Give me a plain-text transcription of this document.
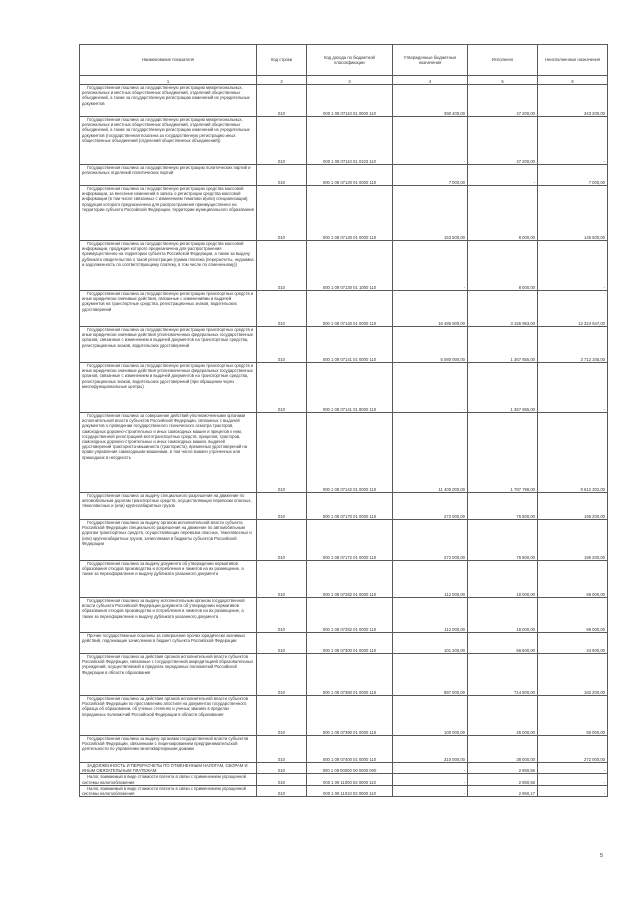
Наименование показателя	Код строки	Код дохода по бюджетной классификации	Утвержденные бюджетные назначения	Исполнено	Неисполненные назначения
1	2	3	4	5	6

Государственная пошлина за государственную регистрацию межрегиональных, региональных и местных общественных объединений, отделений общественных объединений, а также за государственную регистрацию изменений их учредительных документов	010	000 1 08 07110 01 0000 110	390 400,00	47 200,00	343 200,00

Государственная пошлина за государственную регистрацию межрегиональных, региональных и местных общественных объединений, отделений общественных объединений, а также за государственную регистрацию изменений их учредительных документов (государственная пошлина за государственную регистрацию иных общественных объединений (отделений общественных объединений))	010	000 1 08 07110 01 0103 110	-	47 200,00	-

Государственная пошлина за государственную регистрацию политических партий и региональных отделений политических партий	010	000 1 08 07120 01 0000 110	7 000,00	-	7 000,00

Государственная пошлина за государственную регистрацию средства массовой информации, за внесение изменений в запись о регистрации средства массовой информации (в том числе связанных с изменением тематики и(или) специализации), продукция которого предназначена для распространения преимущественно на территории субъекта Российской Федерации, территории муниципального образования	010	000 1 08 07130 01 0000 110	153 500,00	8 000,00	145 500,00

Государственная пошлина за государственную регистрацию средства массовой информации, продукция которого предназначена для распространения преимущественно на территории субъекта Российской Федерации, а также за выдачу дубликата свидетельства о такой регистрации (сумма платежа (перерасчеты, недоимка и задолженность по соответствующему платежу, в том числе по отмененному))	010	000 1 08 07130 01 1000 110	-	8 000,00	-

Государственная пошлина за государственную регистрацию транспортных средств и иные юридически значимые действия, связанные с изменениями и выдачей документов на транспортные средства, регистрационных знаков, водительских удостоверений	010	000 1 08 07140 01 0000 110	16 486 500,00	3 155 953,00	13 324 547,00

Государственная пошлина за государственную регистрацию транспортных средств и иные юридически значимые действия уполномоченных федеральных государственных органов, связанные с изменением и выдачей документов на транспортные средства, регистрационных знаков, водительских удостоверений	010	000 1 08 07141 01 0000 110	5 080 000,00	1 367 655,00	3 712 345,00

Государственная пошлина за государственную регистрацию транспортных средств и иные юридически значимые действия уполномоченных федеральных государственных органов, связанные с изменением и выдачей документов на транспортные средства, регистрационных знаков, водительских удостоверений (при обращении через многофункциональные центры)	010	000 1 08 07141 01 8000 110	-	1 367 655,00	-

Государственная пошлина за совершение действий уполномоченными органами исполнительной власти субъектов Российской Федерации, связанных с выдачей документов о проведении государственного технического осмотра тракторов, самоходных дорожно-строительных и иных самоходных машин и прицепов к ним, государственной регистрацией мототранспортных средств, прицепов, тракторов, самоходных дорожно-строительных и иных самоходных машин, выдачей удостоверений тракториста-машиниста (тракториста), временных удостоверений на право управления самоходными машинами, в том числе взамен утраченных или пришедших в негодность	010	000 1 08 07142 01 0000 110	11 400 000,00	1 787 798,00	9 612 202,00

Государственная пошлина за выдачу специального разрешения на движение по автомобильным дорогам транспортных средств, осуществляющих перевозки опасных, тяжеловесных и (или) крупногабаритных грузов	010	000 1 08 07170 01 0000 110	272 000,00	76 800,00	195 200,00

Государственная пошлина за выдачу органом исполнительной власти субъекта Российской Федерации специального разрешения на движение по автомобильным дорогам транспортных средств, осуществляющих перевозки опасных, тяжеловесных и (или) крупногабаритных грузов, зачисляемая в бюджеты субъектов Российской Федерации	010	000 1 08 07172 01 0000 110	272 000,00	76 800,00	195 200,00

Государственная пошлина за выдачу документа об утверждении нормативов образования отходов производства и потребления и лимитов на их размещение, а также за переоформление и выдачу дубликата указанного документа	010	000 1 08 07282 01 0000 110	112 000,00	16 000,00	96 000,00

Государственная пошлина за выдачу исполнительным органом государственной власти субъекта Российской Федерации документа об утверждении нормативов образования отходов производства и потребления и лимитов на их размещение, а также за переоформление и выдачу дубликата указанного документа	010	000 1 08 07282 01 0000 110	112 000,00	16 000,00	96 000,00

Прочие государственные пошлины за совершение прочих юридически значимых действий, подлежащие зачислению в бюджет субъекта Российской Федерации	010	000 1 08 07300 01 0000 110	101 200,00	66 600,00	34 600,00

Государственная пошлина за действия органов исполнительной власти субъектов Российской Федерации, связанные с государственной аккредитацией образовательных учреждений, осуществляемой в пределах переданных полномочий Российской Федерации в области образования	010	000 1 08 07380 01 0000 110	897 000,00	714 800,00	182 200,00

Государственная пошлина за действия органов исполнительной власти субъектов Российской Федерации по проставлению апостиля на документах государственного образца об образовании, об ученых степенях и ученых званиях в пределах переданных полномочий Российской Федерации в области образования	010	000 1 08 07390 01 0000 110	100 000,00	45 000,00	55 000,00

Государственная пошлина за выдачу органами государственной власти субъектов Российской Федерации, связанными с лицензированием предпринимательской деятельности по управлению многоквартирными домами	010	000 1 08 07400 01 0000 110	310 000,00	38 000,00	272 000,00

ЗАДОЛЖЕННОСТЬ И ПЕРЕРАСЧЕТЫ ПО ОТМЕНЕННЫМ НАЛОГАМ, СБОРАМ И ИНЫМ ОБЯЗАТЕЛЬНЫМ ПЛАТЕЖАМ	010	000 1 09 00000 00 0000 000	-	2 950,56	-

Налог, взимаемый в виде стоимости патента в связи с применением упрощенной системы налогообложения	010	000 1 09 11000 02 0000 110	-	2 950,56	-

Налог, взимаемый в виде стоимости патента в связи с применением упрощенной системы налогообложения	010	000 1 09 11010 02 0000 110	-	2 950,17	-
5
